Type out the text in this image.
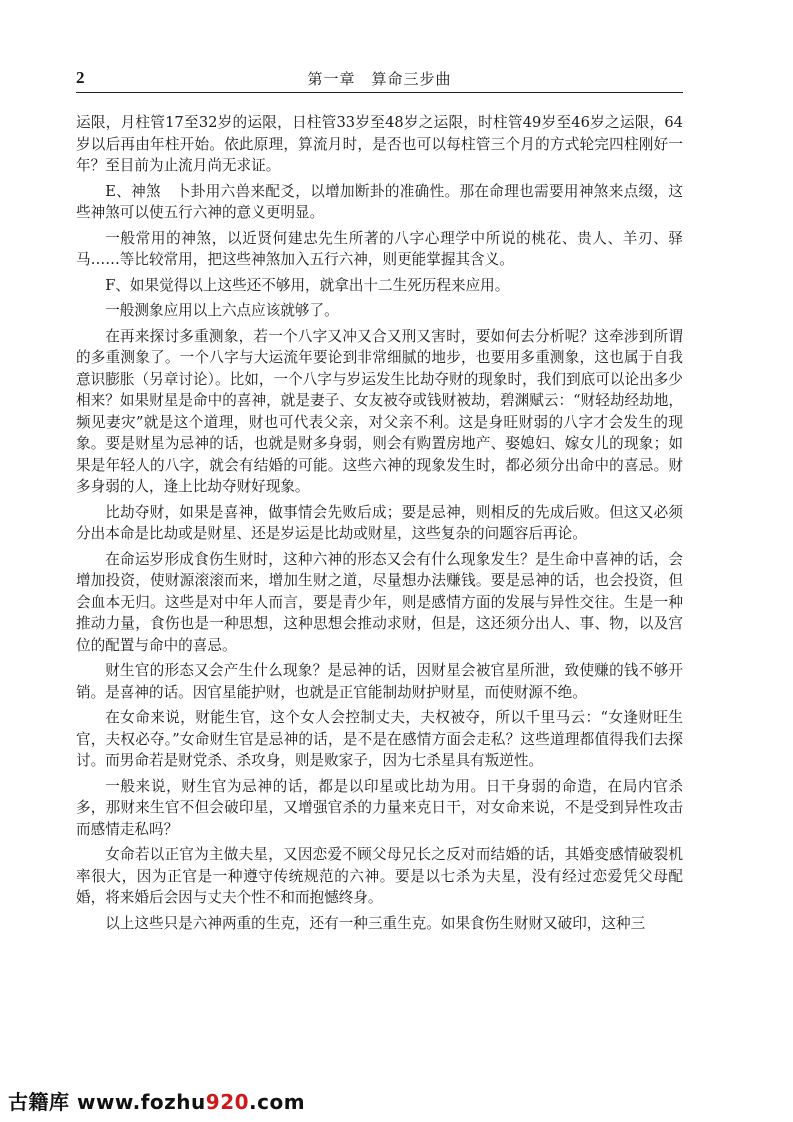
2	第一章　算命三步曲

运限，月柱管17至32岁的运限，日柱管33岁至48岁之运限，时柱管49岁至46岁之运限，64岁以后再由年柱开始。依此原理，算流月时，是否也可以每柱管三个月的方式轮完四柱刚好一年？至目前为止流月尚无求证。

E、神煞　卜卦用六兽来配爻，以增加断卦的准确性。那在命理也需要用神煞来点缀，这些神煞可以使五行六神的意义更明显。

一般常用的神煞，以近贤何建忠先生所著的八字心理学中所说的桃花、贵人、羊刃、驿马……等比较常用，把这些神煞加入五行六神，则更能掌握其含义。

F、如果觉得以上这些还不够用，就拿出十二生死历程来应用。

一般测象应用以上六点应该就够了。

在再来探讨多重测象，若一个八字又冲又合又刑又害时，要如何去分析呢？这牵涉到所谓的多重测象了。一个八字与大运流年要论到非常细腻的地步，也要用多重测象，这也属于自我意识膨胀（另章讨论）。比如，一个八字与岁运发生比劫夺财的现象时，我们到底可以论出多少相来？如果财星是命中的喜神，就是妻子、女友被夺或钱财被劫，碧渊赋云：“财轻劫经劫地，频见妻灾”就是这个道理，财也可代表父亲，对父亲不利。这是身旺财弱的八字才会发生的现象。要是财星为忌神的话，也就是财多身弱，则会有购置房地产、娶媳妇、嫁女儿的现象；如果是年轻人的八字，就会有结婚的可能。这些六神的现象发生时，都必须分出命中的喜忌。财多身弱的人，逢上比劫夺财好现象。

比劫夺财，如果是喜神，做事情会先败后成；要是忌神，则相反的先成后败。但这又必须分出本命是比劫或是财星、还是岁运是比劫或财星，这些复杂的问题容后再论。

在命运岁形成食伤生财时，这种六神的形态又会有什么现象发生？是生命中喜神的话，会增加投资，使财源滚滚而来，增加生财之道，尽量想办法赚钱。要是忌神的话，也会投资，但会血本无归。这些是对中年人而言，要是青少年，则是感情方面的发展与异性交往。生是一种推动力量，食伤也是一种思想，这种思想会推动求财，但是，这还须分出人、事、物，以及宫位的配置与命中的喜忌。

财生官的形态又会产生什么现象？是忌神的话，因财星会被官星所泄，致使赚的钱不够开销。是喜神的话。因官星能护财，也就是正官能制劫财护财星，而使财源不绝。

在女命来说，财能生官，这个女人会控制丈夫，夫权被夺，所以千里马云：“女逢财旺生官，夫权必夺。”女命财生官是忌神的话，是不是在感情方面会走私？这些道理都值得我们去探讨。而男命若是财党杀、杀攻身，则是败家子，因为七杀星具有叛逆性。

一般来说，财生官为忌神的话，都是以印星或比劫为用。日干身弱的命造，在局内官杀多，那财来生官不但会破印星，又增强官杀的力量来克日干，对女命来说，不是受到异性攻击而感情走私吗？

女命若以正官为主做夫星，又因恋爱不顾父母兄长之反对而结婚的话，其婚变感情破裂机率很大，因为正官是一种遵守传统规范的六神。要是以七杀为夫星，没有经过恋爱凭父母配婚，将来婚后会因与丈夫个性不和而抱憾终身。

以上这些只是六神两重的生克，还有一种三重生克。如果食伤生财财又破印，这种三

古籍库 www.fozhu920.com
